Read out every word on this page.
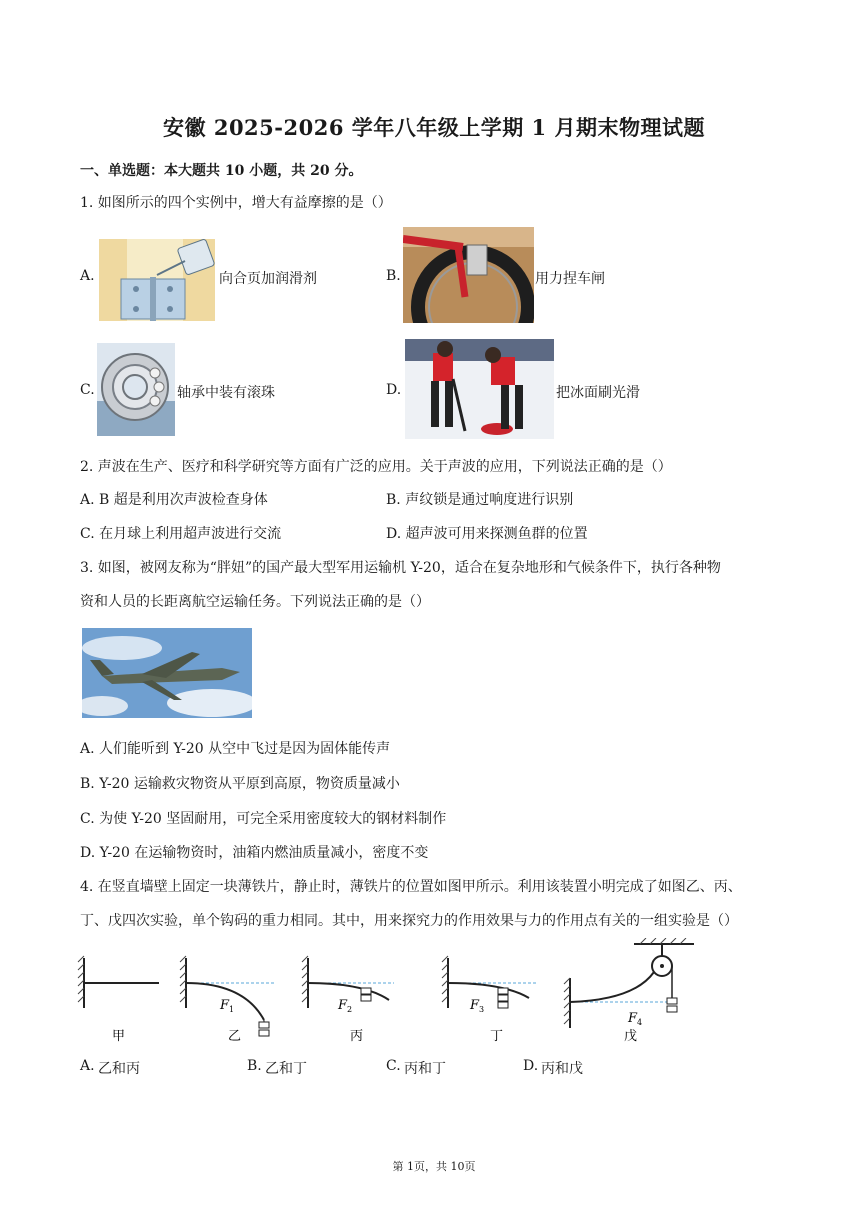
安徽 2025-2026 学年八年级上学期 1 月期末物理试题
一、单选题：本大题共 10 小题，共 20 分。
1. 如图所示的四个实例中，增大有益摩擦的是（）
A.	向合页加润滑剂	B.	用力捏车闸
C.	轴承中装有滚珠	D.	把冰面刷光滑
2. 声波在生产、医疗和科学研究等方面有广泛的应用。关于声波的应用，下列说法正确的是（）
A. B 超是利用次声波检查身体	B. 声纹锁是通过响度进行识别
C. 在月球上利用超声波进行交流	D. 超声波可用来探测鱼群的位置
3. 如图，被网友称为“胖妞”的国产最大型军用运输机 Y-20，适合在复杂地形和气候条件下，执行各种物
资和人员的长距离航空运输任务。下列说法正确的是（）
A. 人们能听到 Y-20 从空中飞过是因为固体能传声
B. Y-20 运输救灾物资从平原到高原，物资质量减小
C. 为使 Y-20 坚固耐用，可完全采用密度较大的钢材料制作
D. Y-20 在运输物资时，油箱内燃油质量减小，密度不变
4. 在竖直墙壁上固定一块薄铁片，静止时，薄铁片的位置如图甲所示。利用该装置小明完成了如图乙、丙、
丁、戊四次实验，单个钩码的重力相同。其中，用来探究力的作用效果与力的作用点有关的一组实验是（）
F 1	F 2	F 3
F 4
甲	乙	丙	丁	戊
A. 乙和丙	B. 乙和丁	C. 丙和丁	D. 丙和戊
第 1页，共 10页
